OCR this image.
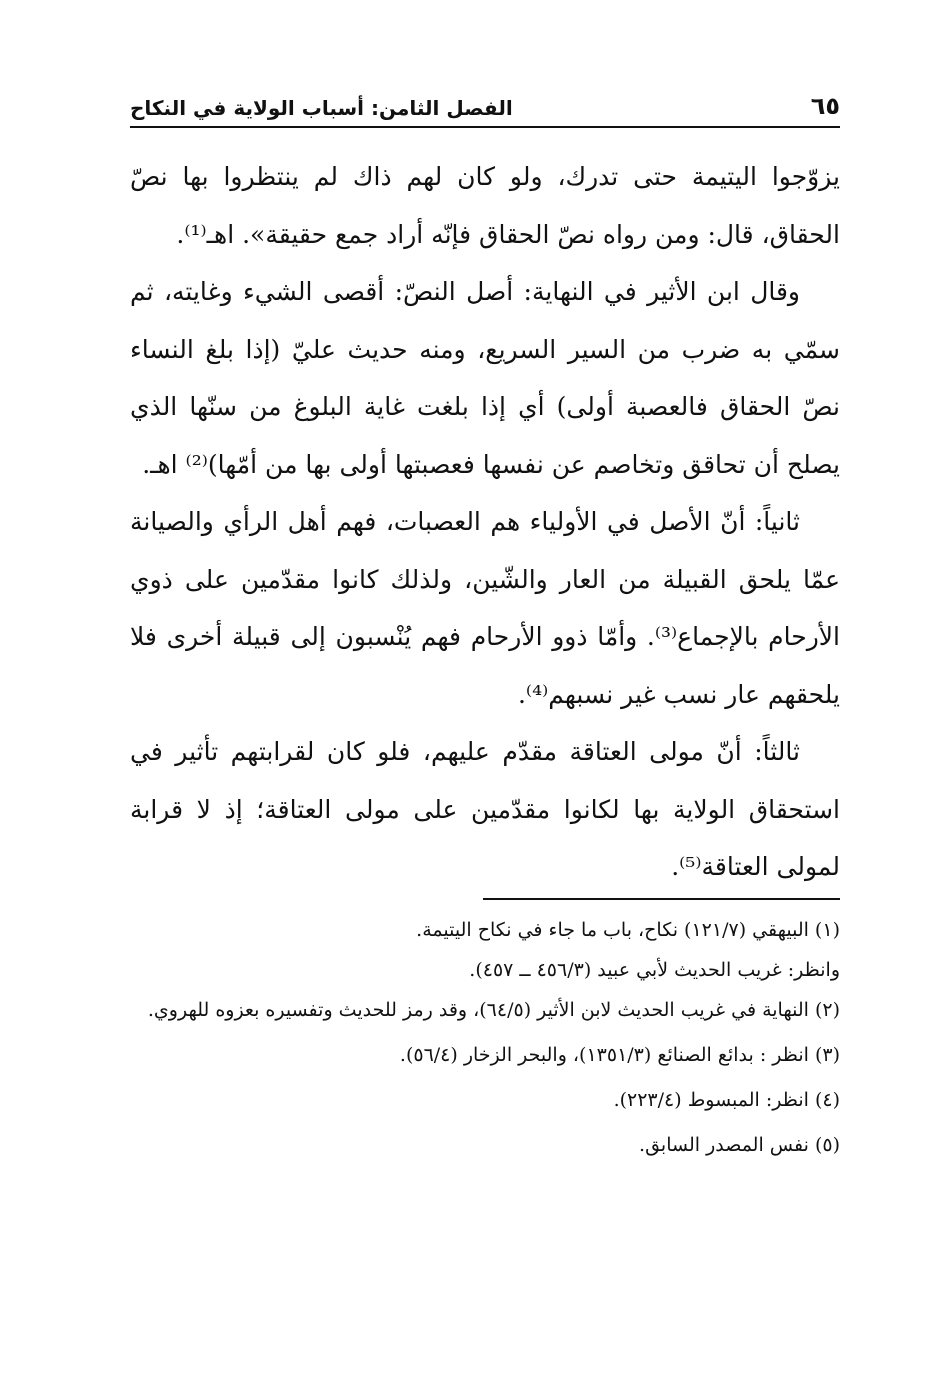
٦٥
الفصل الثامن: أسباب الولاية في النكاح

يزوّجوا اليتيمة حتى تدرك، ولو كان لهم ذاك لم ينتظروا بها نصّ الحقاق، قال: ومن رواه نصّ الحقاق فإنّه أراد جمع حقيقة». اهـ⁽¹⁾.

وقال ابن الأثير في النهاية: أصل النصّ: أقصى الشيء وغايته، ثم سمّي به ضرب من السير السريع، ومنه حديث عليّ (إذا بلغ النساء نصّ الحقاق فالعصبة أولى) أي إذا بلغت غاية البلوغ من سنّها الذي يصلح أن تحاقق وتخاصم عن نفسها فعصبتها أولى بها من أمّها)⁽²⁾ اهـ.

ثانياً: أنّ الأصل في الأولياء هم العصبات، فهم أهل الرأي والصيانة عمّا يلحق القبيلة من العار والشّين، ولذلك كانوا مقدّمين على ذوي الأرحام بالإجماع⁽³⁾. وأمّا ذوو الأرحام فهم يُنْسبون إلى قبيلة أخرى فلا يلحقهم عار نسب غير نسبهم⁽⁴⁾.

ثالثاً: أنّ مولى العتاقة مقدّم عليهم، فلو كان لقرابتهم تأثير في استحقاق الولاية بها لكانوا مقدّمين على مولى العتاقة؛ إذ لا قرابة لمولى العتاقة⁽⁵⁾.

(١) البيهقي (١٢١/٧) نكاح، باب ما جاء في نكاح اليتيمة.

وانظر: غريب الحديث لأبي عبيد (٤٥٦/٣ ــ ٤٥٧).

(٢) النهاية في غريب الحديث لابن الأثير (٦٤/٥)، وقد رمز للحديث وتفسيره بعزوه للهروي.

(٣) انظر : بدائع الصنائع (١٣٥١/٣)، والبحر الزخار (٥٦/٤).

(٤) انظر: المبسوط (٢٢٣/٤).

(٥) نفس المصدر السابق.
